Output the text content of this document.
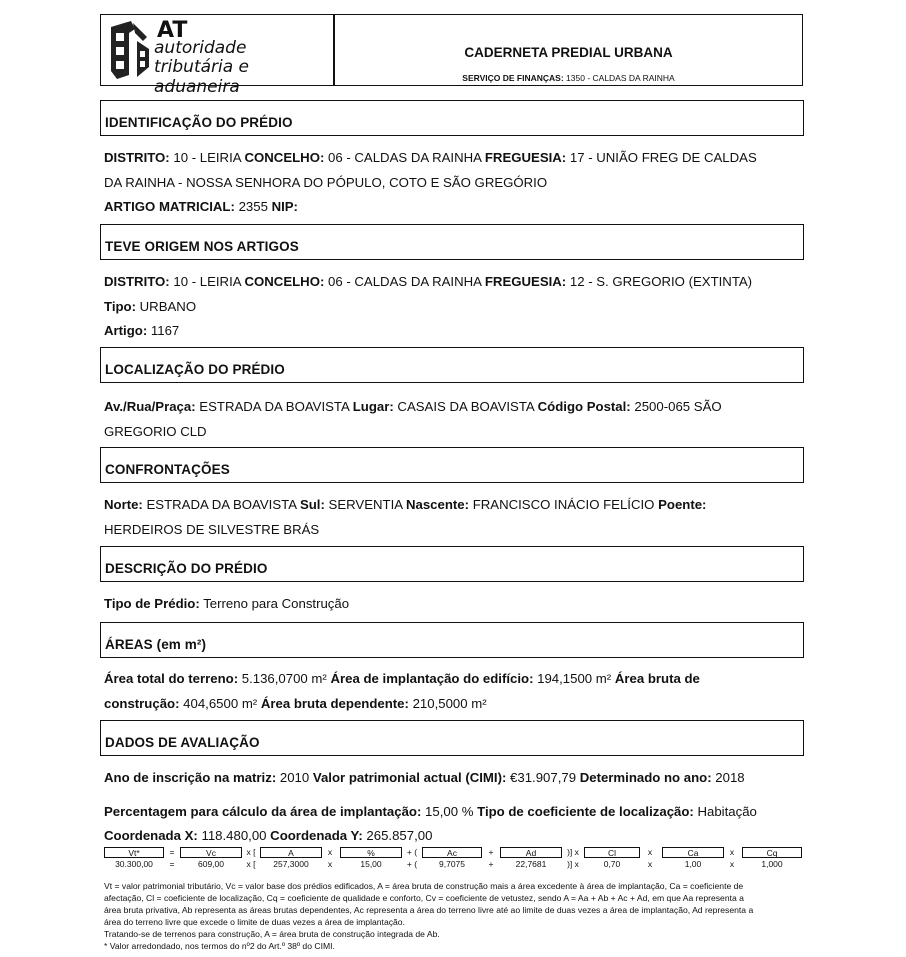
AT
autoridade
tributária e aduaneira
CADERNETA PREDIAL URBANA
SERVIÇO DE FINANÇAS: 1350 - CALDAS DA RAINHA
IDENTIFICAÇÃO DO PRÉDIO
DISTRITO: 10 - LEIRIA CONCELHO: 06 - CALDAS DA RAINHA FREGUESIA: 17 - UNIÃO FREG DE CALDAS
DA RAINHA - NOSSA SENHORA DO PÓPULO, COTO E SÃO GREGÓRIO
ARTIGO MATRICIAL: 2355 NIP:
TEVE ORIGEM NOS ARTIGOS
DISTRITO: 10 - LEIRIA CONCELHO: 06 - CALDAS DA RAINHA FREGUESIA: 12 - S. GREGORIO (EXTINTA)
Tipo: URBANO
Artigo: 1167
LOCALIZAÇÃO DO PRÉDIO
Av./Rua/Praça: ESTRADA DA BOAVISTA Lugar: CASAIS DA BOAVISTA Código Postal: 2500-065 SÃO
GREGORIO CLD
CONFRONTAÇÕES
Norte: ESTRADA DA BOAVISTA Sul: SERVENTIA Nascente: FRANCISCO INÁCIO FELÍCIO Poente:
HERDEIROS DE SILVESTRE BRÁS
DESCRIÇÃO DO PRÉDIO
Tipo de Prédio: Terreno para Construção
ÁREAS (em m²)
Área total do terreno: 5.136,0700 m² Área de implantação do edifício: 194,1500 m² Área bruta de
construção: 404,6500 m² Área bruta dependente: 210,5000 m²
DADOS DE AVALIAÇÃO
Ano de inscrição na matriz: 2010 Valor patrimonial actual (CIMI): €31.907,79 Determinado no ano: 2018
Percentagem para cálculo da área de implantação: 15,00 % Tipo de coeficiente de localização: Habitação
Coordenada X: 118.480,00 Coordenada Y: 265.857,00
Vt*	=	Vc	x [	A	x	%	+ (	Ac	+	Ad	)] x	Cl	x	Ca	x	Cq
30.300,00	=	609,00	x [	257,3000	x	15,00	+ (	9,7075	+	22,7681	)] x	0,70	x	1,00	x	1,000
Vt = valor patrimonial tributário, Vc = valor base dos prédios edificados, A = área bruta de construção mais a área excedente à área de implantação, Ca = coeficiente de
afectação, Cl = coeficiente de localização, Cq = coeficiente de qualidade e conforto, Cv = coeficiente de vetustez, sendo A = Aa + Ab + Ac + Ad, em que Aa representa a
área bruta privativa, Ab representa as áreas brutas dependentes, Ac representa a área do terreno livre até ao limite de duas vezes a área de implantação, Ad representa a
área do terreno livre que excede o limite de duas vezes a área de implantação.
Tratando-se de terrenos para construção, A = área bruta de construção integrada de Ab.
* Valor arredondado, nos termos do nº2 do Art.º 38º do CIMI.
